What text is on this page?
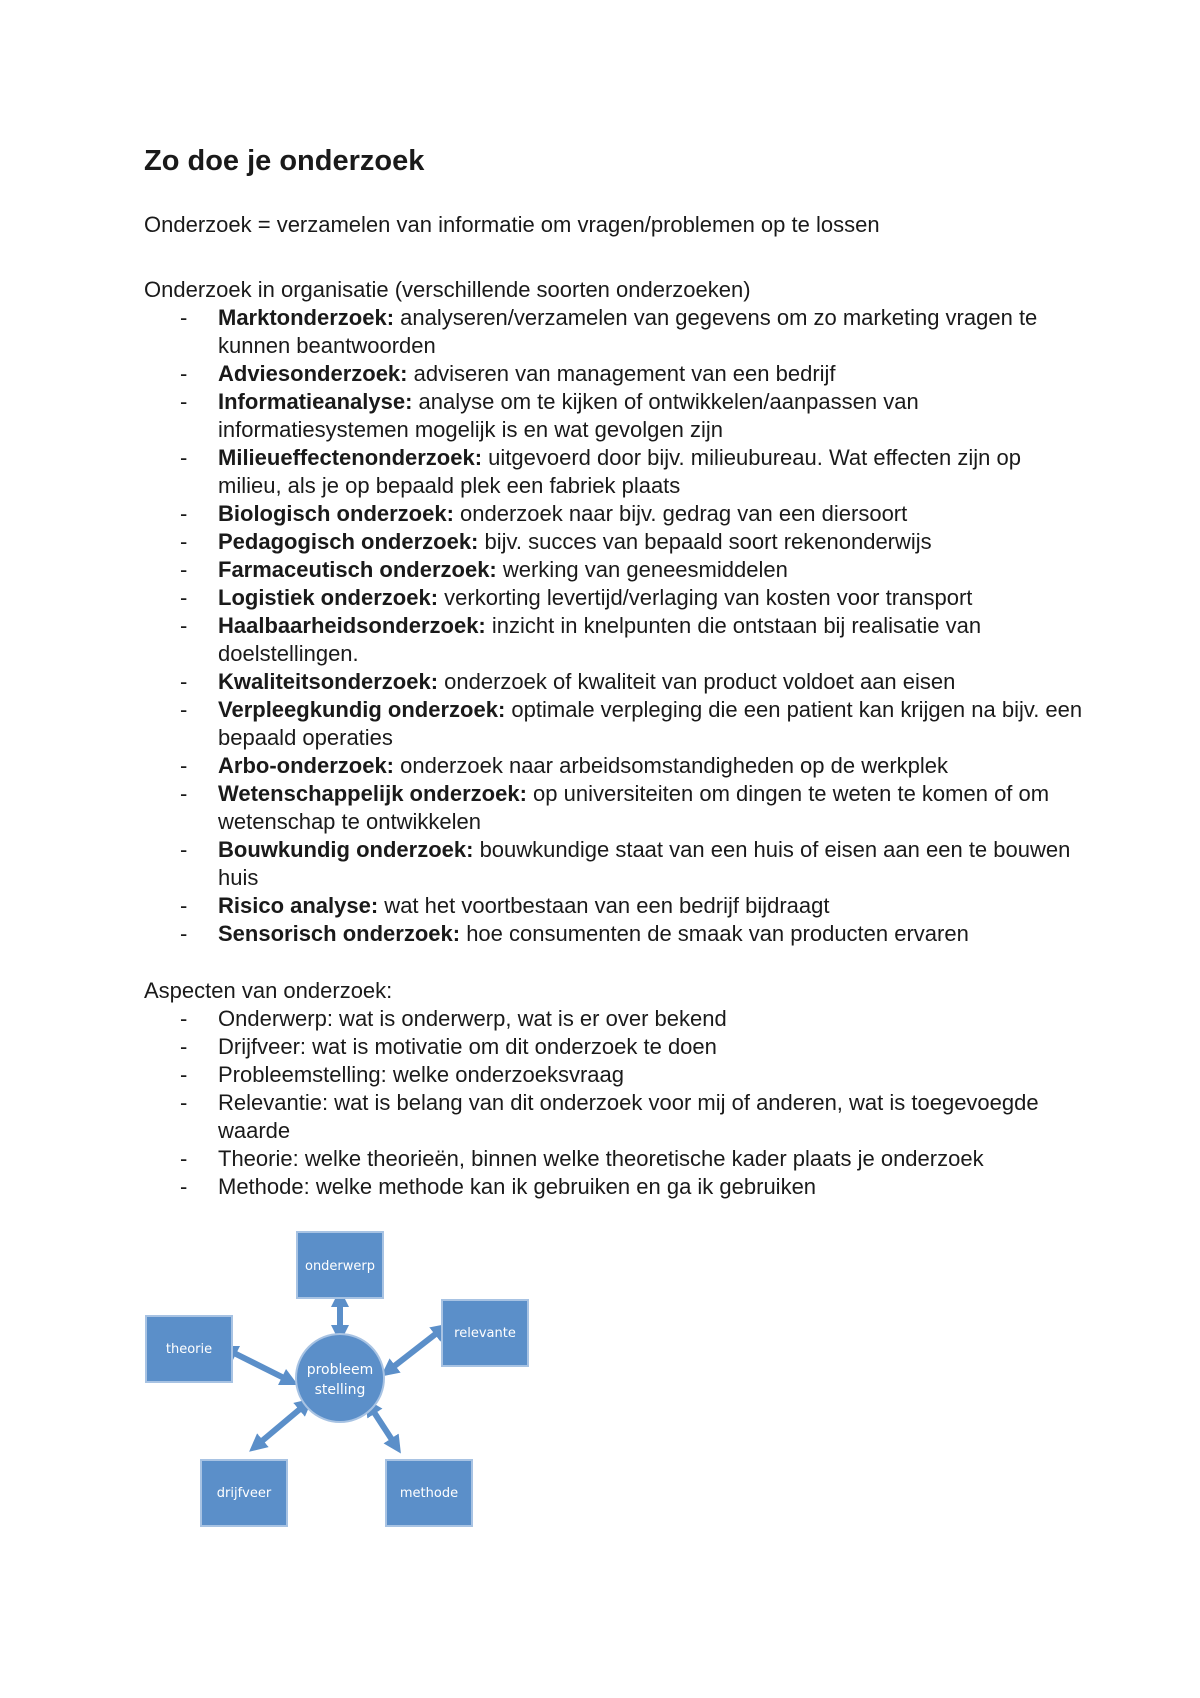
Zo doe je onderzoek

Onderzoek = verzamelen van informatie om vragen/problemen op te lossen

Onderzoek in organisatie (verschillende soorten onderzoeken)

- Marktonderzoek: analyseren/verzamelen van gegevens om zo marketing vragen te kunnen beantwoorden
- Adviesonderzoek: adviseren van management van een bedrijf
- Informatieanalyse: analyse om te kijken of ontwikkelen/aanpassen van informatiesystemen mogelijk is en wat gevolgen zijn
- Milieueffectenonderzoek: uitgevoerd door bijv. milieubureau. Wat effecten zijn op milieu, als je op bepaald plek een fabriek plaats
- Biologisch onderzoek: onderzoek naar bijv. gedrag van een diersoort
- Pedagogisch onderzoek: bijv. succes van bepaald soort rekenonderwijs
- Farmaceutisch onderzoek: werking van geneesmiddelen
- Logistiek onderzoek: verkorting levertijd/verlaging van kosten voor transport
- Haalbaarheidsonderzoek: inzicht in knelpunten die ontstaan bij realisatie van doelstellingen.
- Kwaliteitsonderzoek: onderzoek of kwaliteit van product voldoet aan eisen
- Verpleegkundig onderzoek: optimale verpleging die een patient kan krijgen na bijv. een bepaald operaties
- Arbo-onderzoek: onderzoek naar arbeidsomstandigheden op de werkplek
- Wetenschappelijk onderzoek: op universiteiten om dingen te weten te komen of om wetenschap te ontwikkelen
- Bouwkundig onderzoek: bouwkundige staat van een huis of eisen aan een te bouwen huis
- Risico analyse: wat het voortbestaan van een bedrijf bijdraagt
- Sensorisch onderzoek: hoe consumenten de smaak van producten ervaren

Aspecten van onderzoek:

- Onderwerp: wat is onderwerp, wat is er over bekend
- Drijfveer: wat is motivatie om dit onderzoek te doen
- Probleemstelling: welke onderzoeksvraag
- Relevantie: wat is belang van dit onderzoek voor mij of anderen, wat is toegevoegde waarde
- Theorie: welke theorieën, binnen welke theoretische kader plaats je onderzoek
- Methode: welke methode kan ik gebruiken en ga ik gebruiken
probleem
stelling
onderwerp
theorie
relevante
drijfveer	methode
